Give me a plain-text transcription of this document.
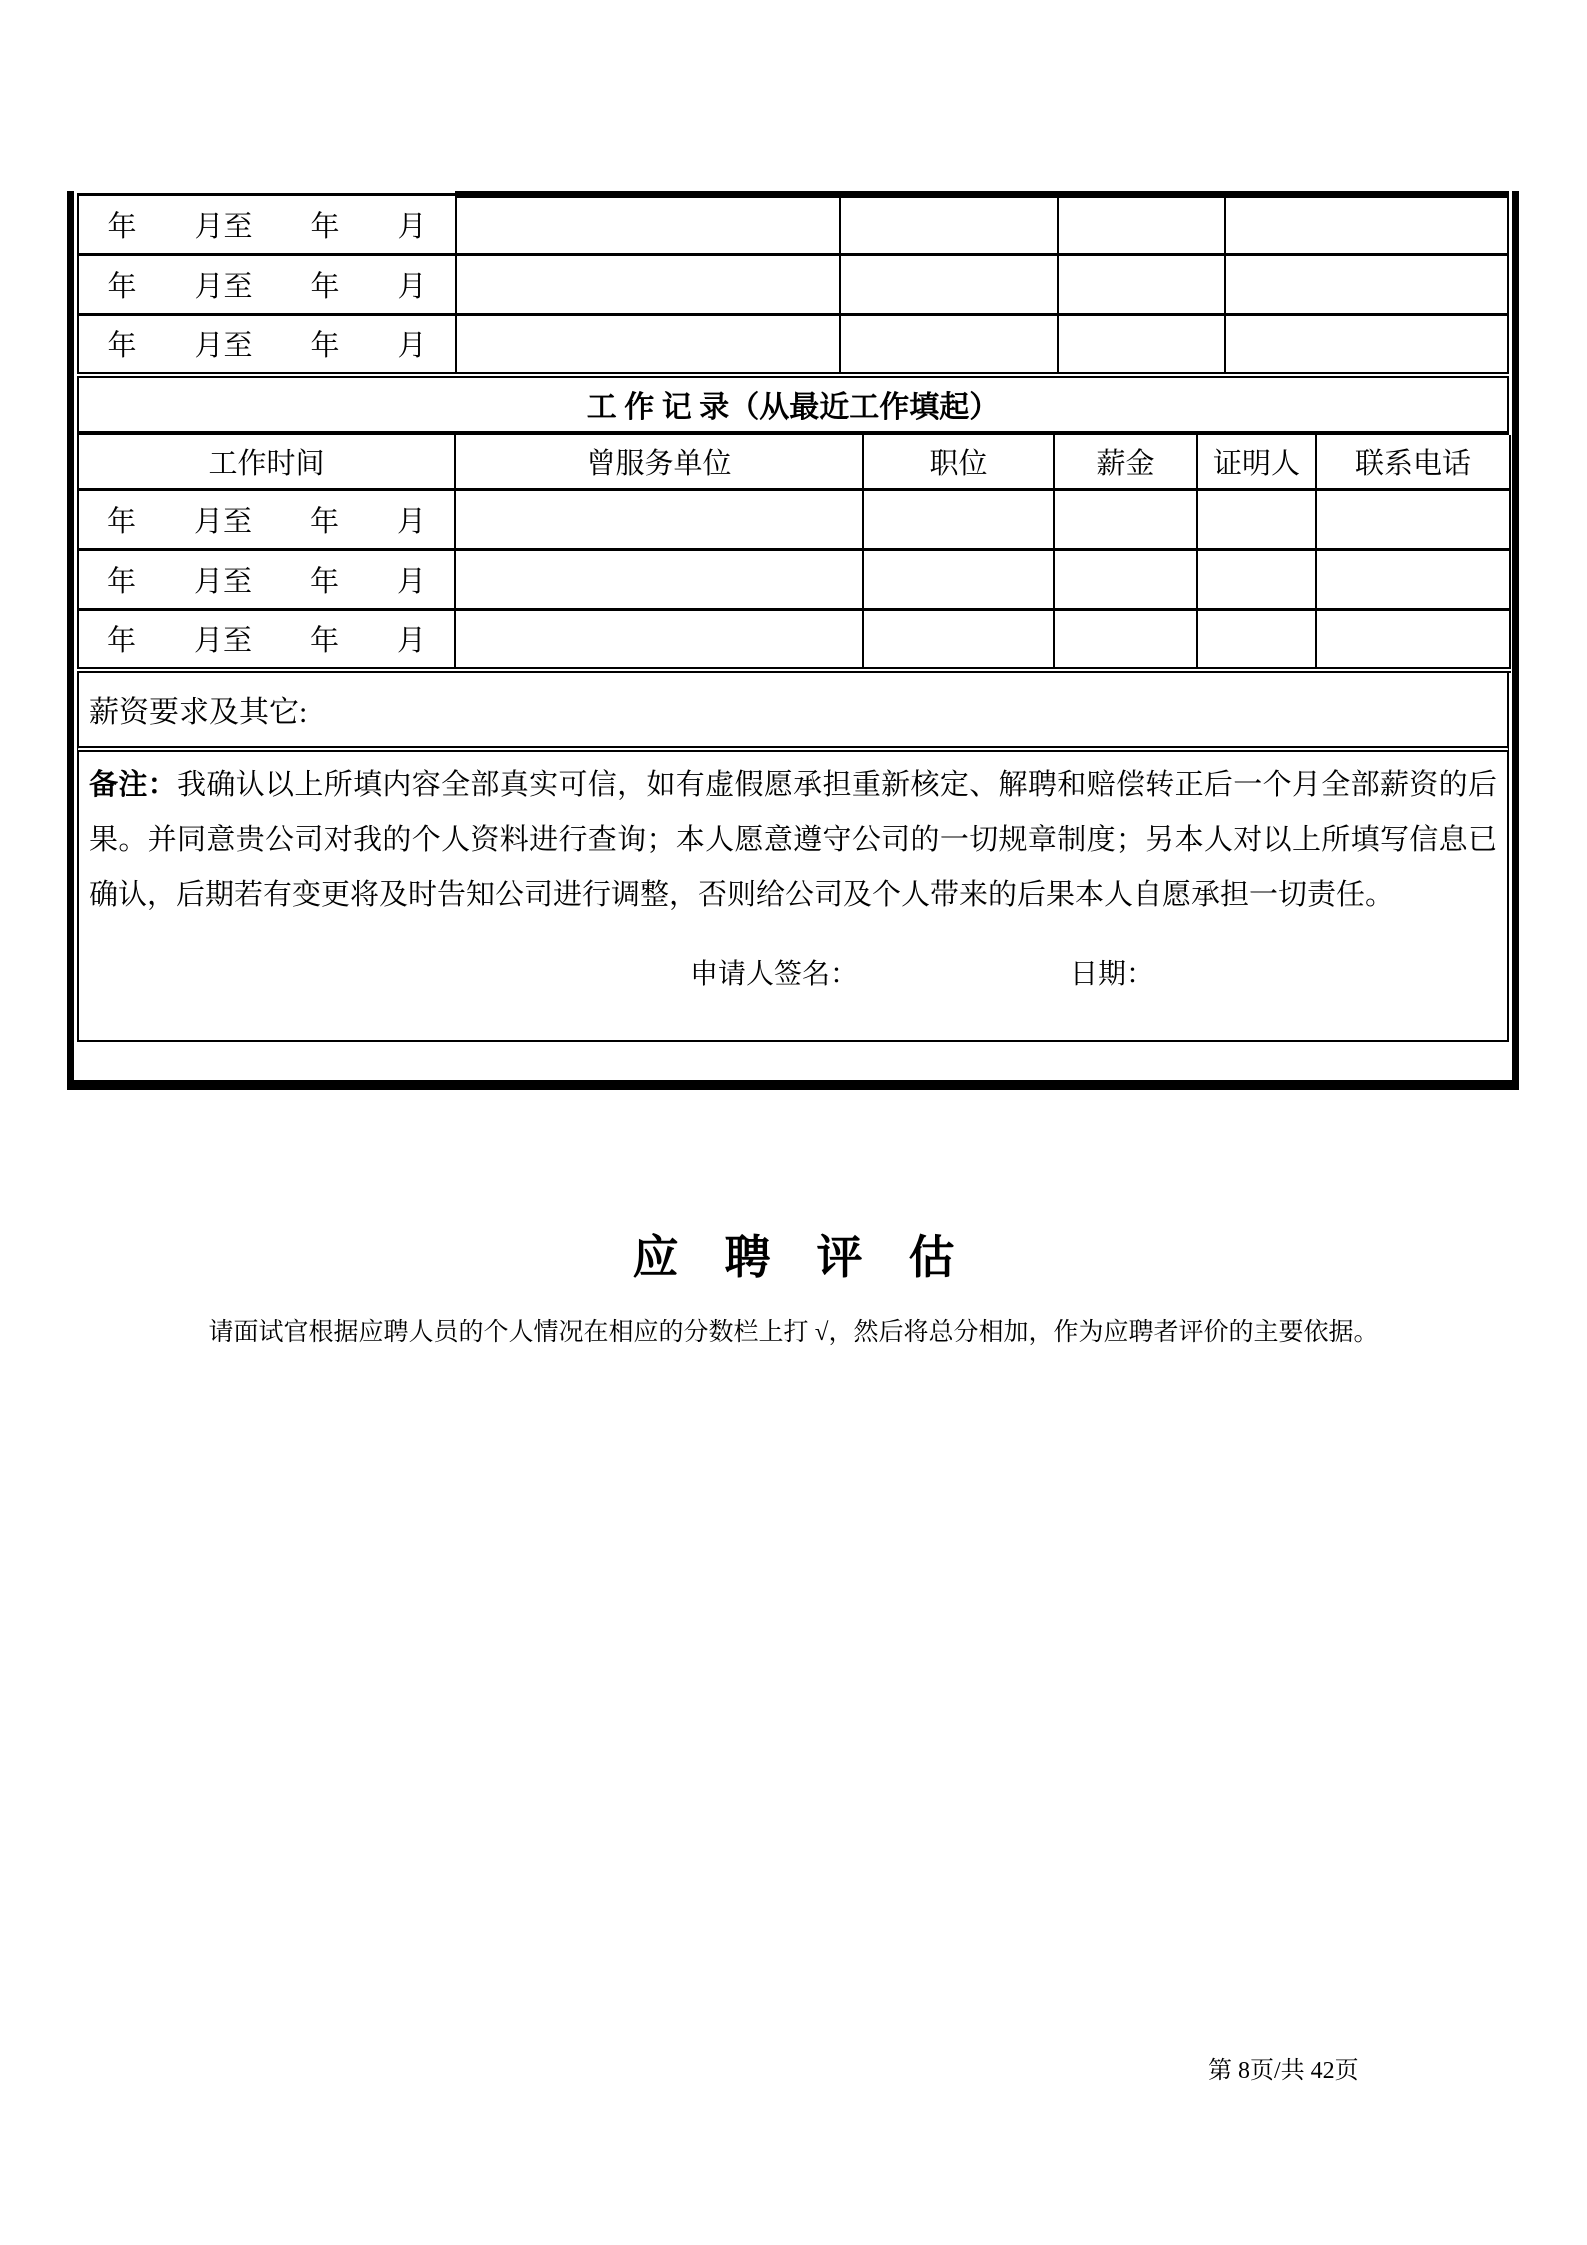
年　　月至　　年　　月				
年　　月至　　年　　月				
年　　月至　　年　　月				
工 作 记 录（从最近工作填起）
工作时间	曾服务单位	职位	薪金	证明人	联系电话
年　　月至　　年　　月					
年　　月至　　年　　月					
年　　月至　　年　　月					
薪资要求及其它:
备注：我确认以上所填内容全部真实可信，如有虚假愿承担重新核定、解聘和赔偿转正后一个月全部薪资的后果。并同意贵公司对我的个人资料进行查询；本人愿意遵守公司的一切规章制度；另本人对以上所填写信息已确认，后期若有变更将及时告知公司进行调整，否则给公司及个人带来的后果本人自愿承担一切责任。
申请人签名：	日期：
应　聘　评　估
请面试官根据应聘人员的个人情况在相应的分数栏上打 √，然后将总分相加，作为应聘者评价的主要依据。
第 8页/共 42页
